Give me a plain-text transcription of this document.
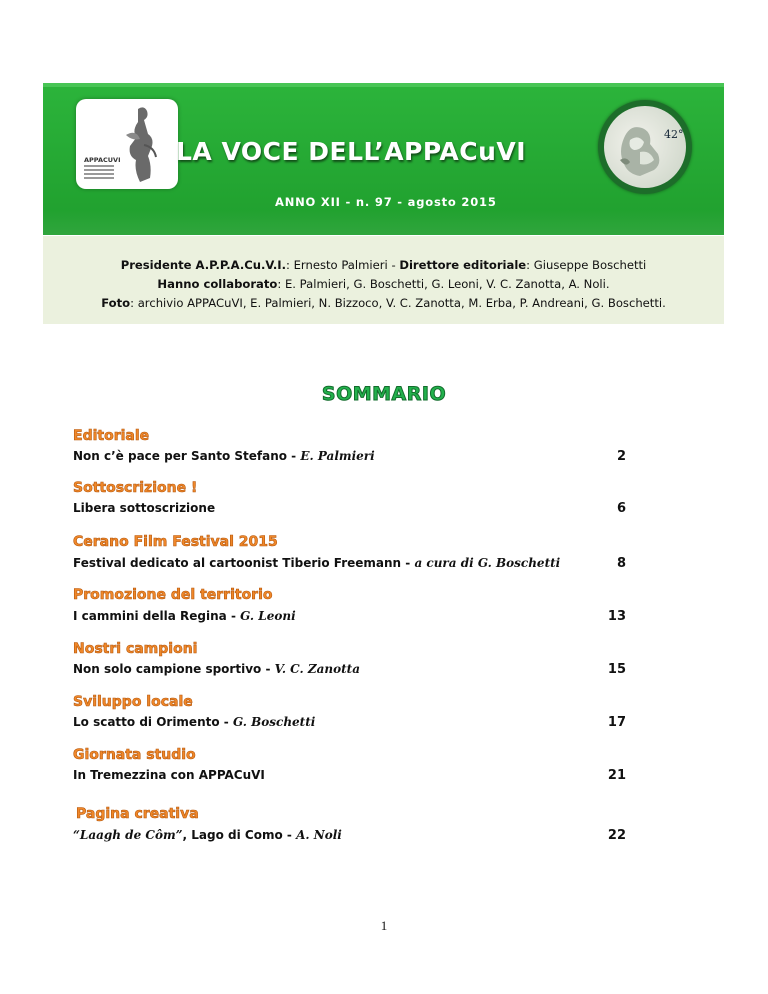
APPACUVI LA VOCE DELL’APPACuVI
ANNO XII - n. 97 - agosto 2015
42°

Presidente A.P.P.A.Cu.V.I.: Ernesto Palmieri - Direttore editoriale: Giuseppe Boschetti

Hanno collaborato: E. Palmieri, G. Boschetti, G. Leoni, V. C. Zanotta, A. Noli.

Foto: archivio APPACuVI, E. Palmieri, N. Bizzoco, V. C. Zanotta, M. Erba, P. Andreani, G. Boschetti.

SOMMARIO
Editoriale
Non c’è pace per Santo Stefano - E. Palmieri	2
Sottoscrizione !
Libera sottoscrizione	6
Cerano Film Festival 2015
Festival dedicato al cartoonist Tiberio Freemann - a cura di G. Boschetti	8
Promozione del territorio
I cammini della Regina - G. Leoni	13
Nostri campioni
Non solo campione sportivo - V. C. Zanotta	15
Sviluppo locale
Lo scatto di Orimento - G. Boschetti	17
Giornata studio
In Tremezzina con APPACuVI	21
Pagina creativa
“Laagh de Côm”, Lago di Como - A. Noli	22
1
